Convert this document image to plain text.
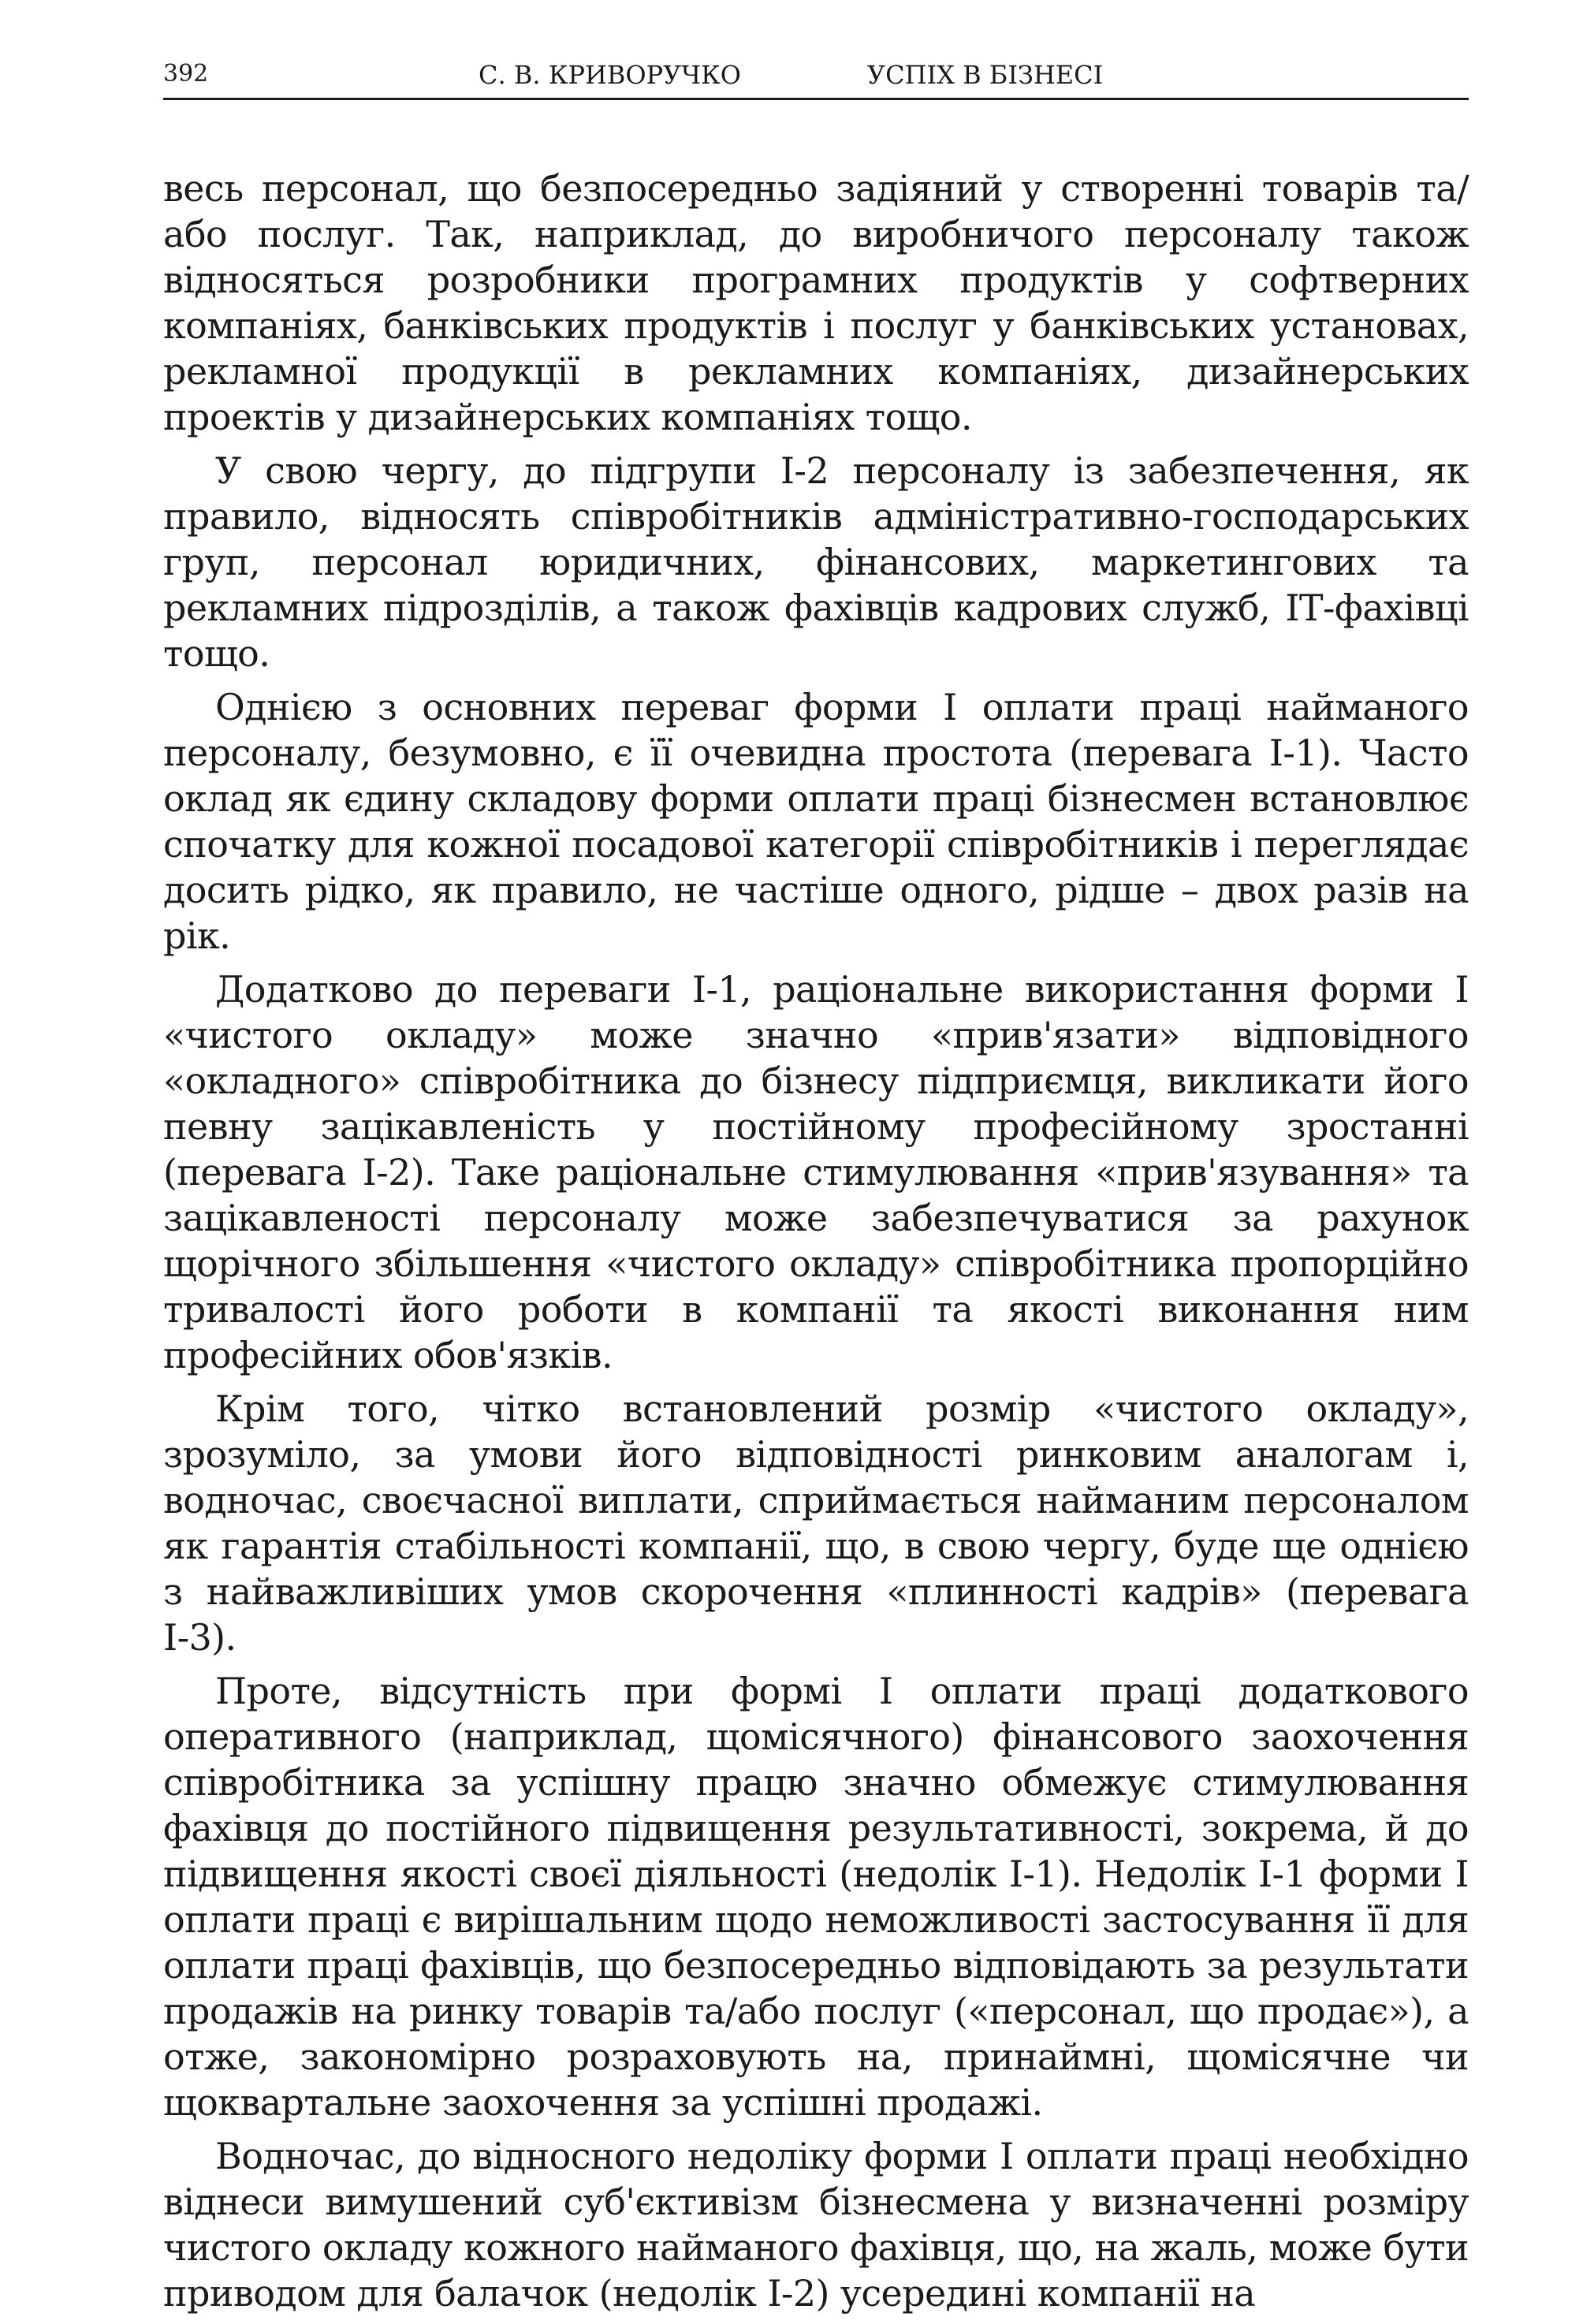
392	С. В. КРИВОРУЧКО	УСПІХ В БІЗНЕСІ

весь персонал, що безпосередньо задіяний у створенні товарів та/або послуг. Так, наприклад, до виробничого персоналу також відносяться розробники програмних продуктів у софтверних компаніях, банківських продуктів і послуг у банківських установах, рекламної продукції в рекламних компаніях, дизайнерських проектів у дизайнерських компаніях тощо.

У свою чергу, до підгрупи І-2 персоналу із забезпечення, як правило, відносять співробітників адміністративно-господарських груп, персонал юридичних, фінансових, маркетингових та рекламних підрозділів, а також фахівців кадрових служб, ІТ-фахівці тощо.

Однією з основних переваг форми І оплати праці найманого персоналу, безумовно, є її очевидна простота (перевага І-1). Часто оклад як єдину складову форми оплати праці бізнесмен встановлює спочатку для кожної посадової категорії співробітників і переглядає досить рідко, як правило, не частіше одного, рідше – двох разів на рік.

Додатково до переваги І-1, раціональне використання форми І «чистого окладу» може значно «прив'язати» відповідного «окладного» співробітника до бізнесу підприємця, викликати його певну зацікавленість у постійному професійному зростанні (перевага І-2). Таке раціональне стимулювання «прив'язування» та зацікавленості персоналу може забезпечуватися за рахунок щорічного збільшення «чистого окладу» співробітника пропорційно тривалості його роботи в компанії та якості виконання ним професійних обов'язків.

Крім того, чітко встановлений розмір «чистого окладу», зрозуміло, за умови його відповідності ринковим аналогам і, водночас, своєчасної виплати, сприймається найманим персоналом як гарантія стабільності компанії, що, в свою чергу, буде ще однією з найважливіших умов скорочення «плинності кадрів» (перевага І-3).

Проте, відсутність при формі І оплати праці додаткового оперативного (наприклад, щомісячного) фінансового заохочення співробітника за успішну працю значно обмежує стимулювання фахівця до постійного підвищення результативності, зокрема, й до підвищення якості своєї діяльності (недолік І-1). Недолік І-1 форми І оплати праці є вирішальним щодо неможливості застосування її для оплати праці фахівців, що безпосередньо відповідають за результати продажів на ринку товарів та/або послуг («персонал, що продає»), а отже, закономірно розраховують на, принаймні, щомісячне чи щоквартальне заохочення за успішні продажі.

Водночас, до відносного недоліку форми І оплати праці необхідно віднеси вимушений суб'єктивізм бізнесмена у визначенні розміру чистого окладу кожного найманого фахівця, що, на жаль, може бути приводом для балачок (недолік І-2) усередині компанії на
